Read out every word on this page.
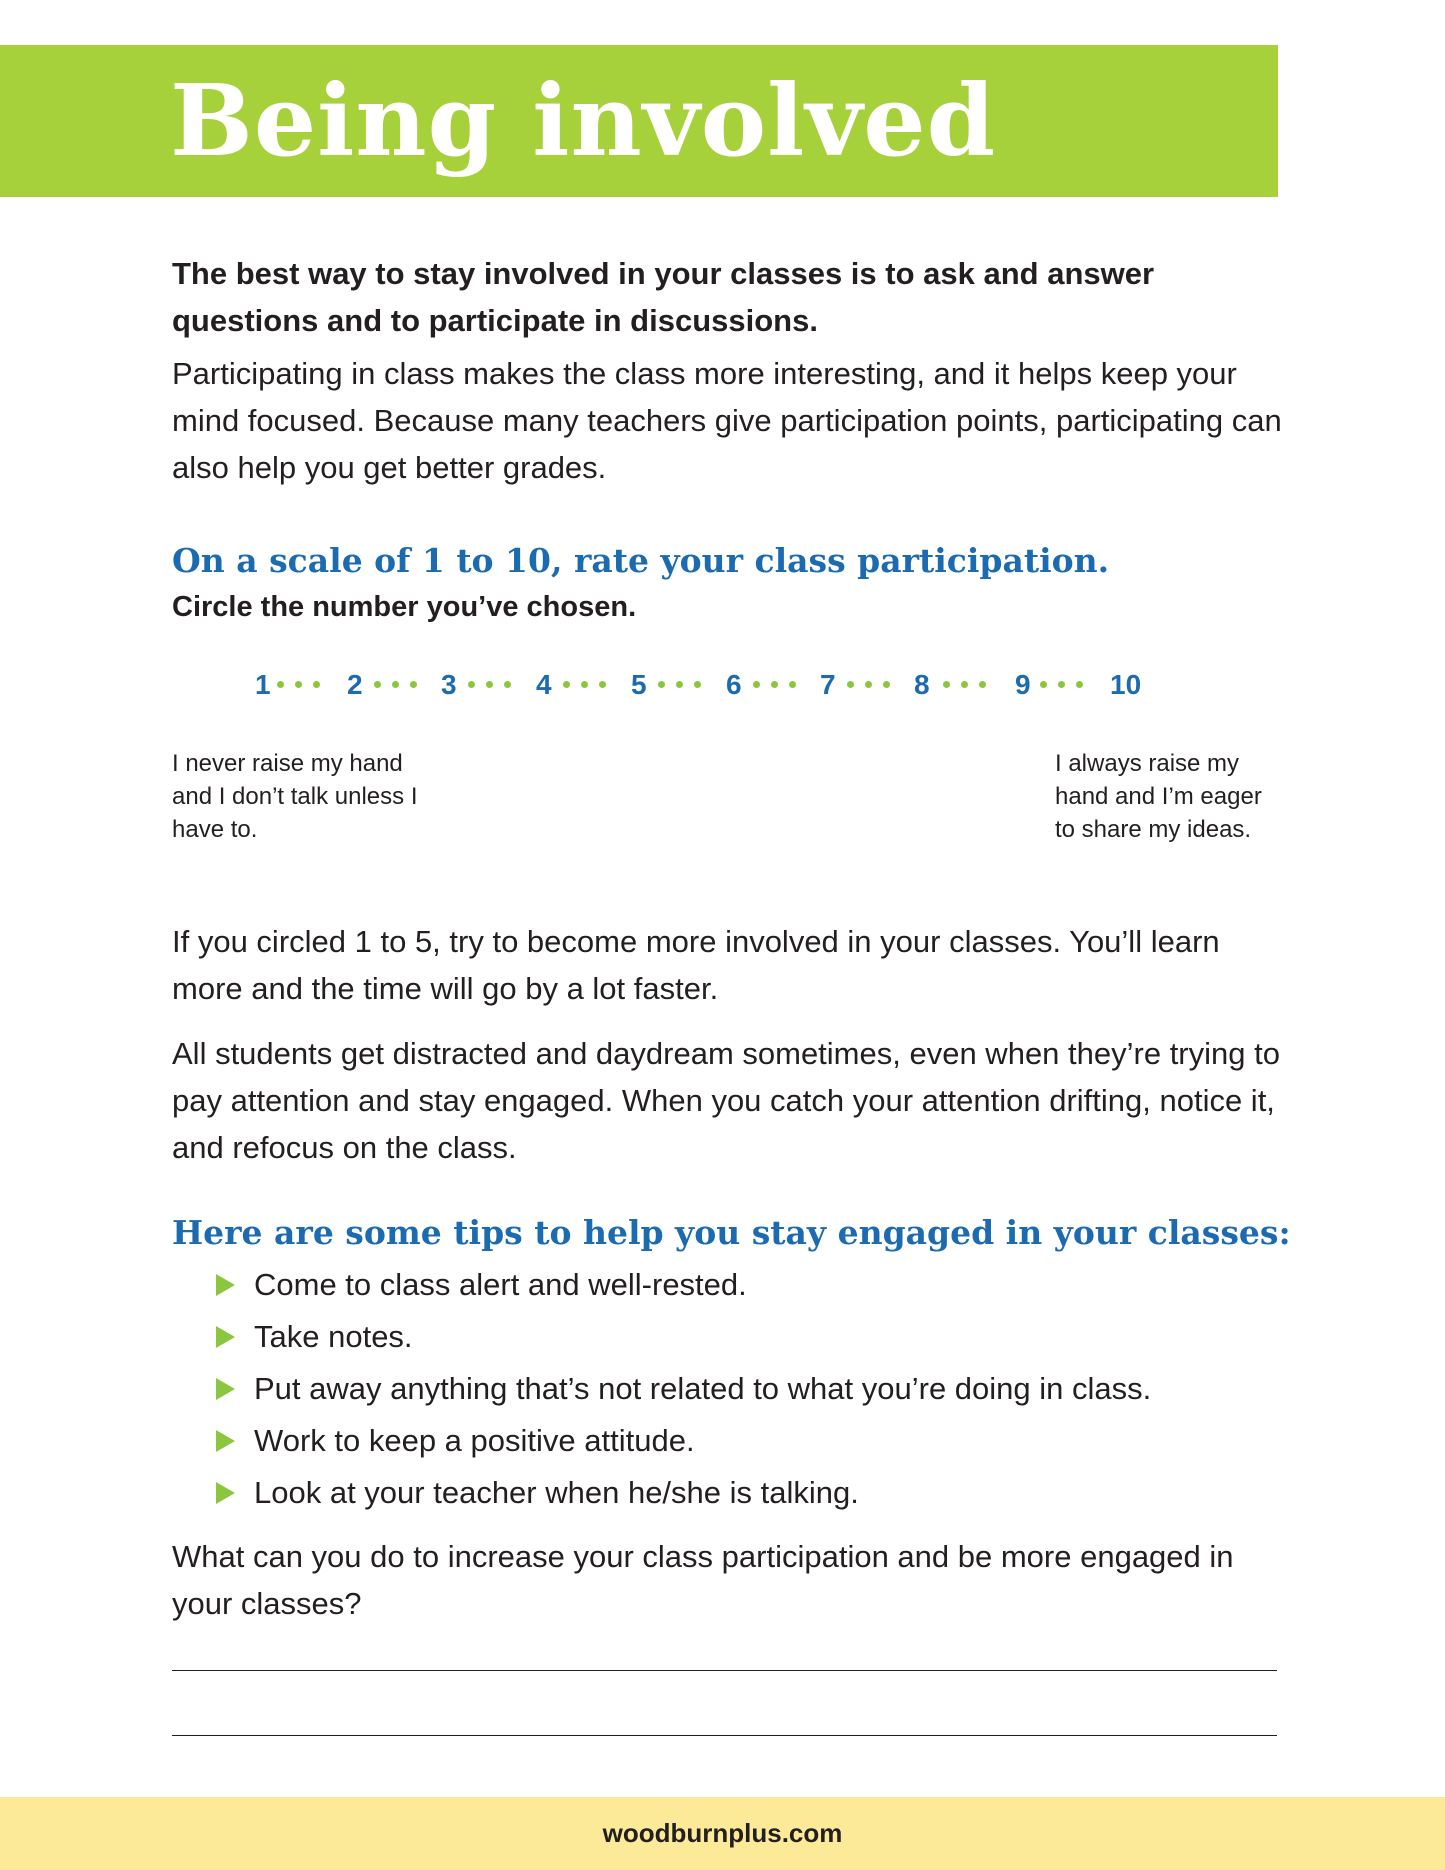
Being involved

The best way to stay involved in your classes is to ask and answer questions and to participate in discussions.

Participating in class makes the class more interesting, and it helps keep your mind focused. Because many teachers give participation points, participating can also help you get better grades.

On a scale of 1 to 10, rate your class participation.

Circle the number you’ve chosen.

1	2	3	4	5	6	7	8	9	10
I never raise my hand and I don’t talk unless I have to.
I always raise my hand and I’m eager to share my ideas.

If you circled 1 to 5, try to become more involved in your classes. You’ll learn more and the time will go by a lot faster.

All students get distracted and daydream sometimes, even when they’re trying to pay attention and stay engaged. When you catch your attention drifting, notice it, and refocus on the class.

Here are some tips to help you stay engaged in your classes:

Come to class alert and well-rested.
Take notes.
Put away anything that’s not related to what you’re doing in class.
Work to keep a positive attitude.
Look at your teacher when he/she is talking.

What can you do to increase your class participation and be more engaged in your classes?

woodburnplus.com
